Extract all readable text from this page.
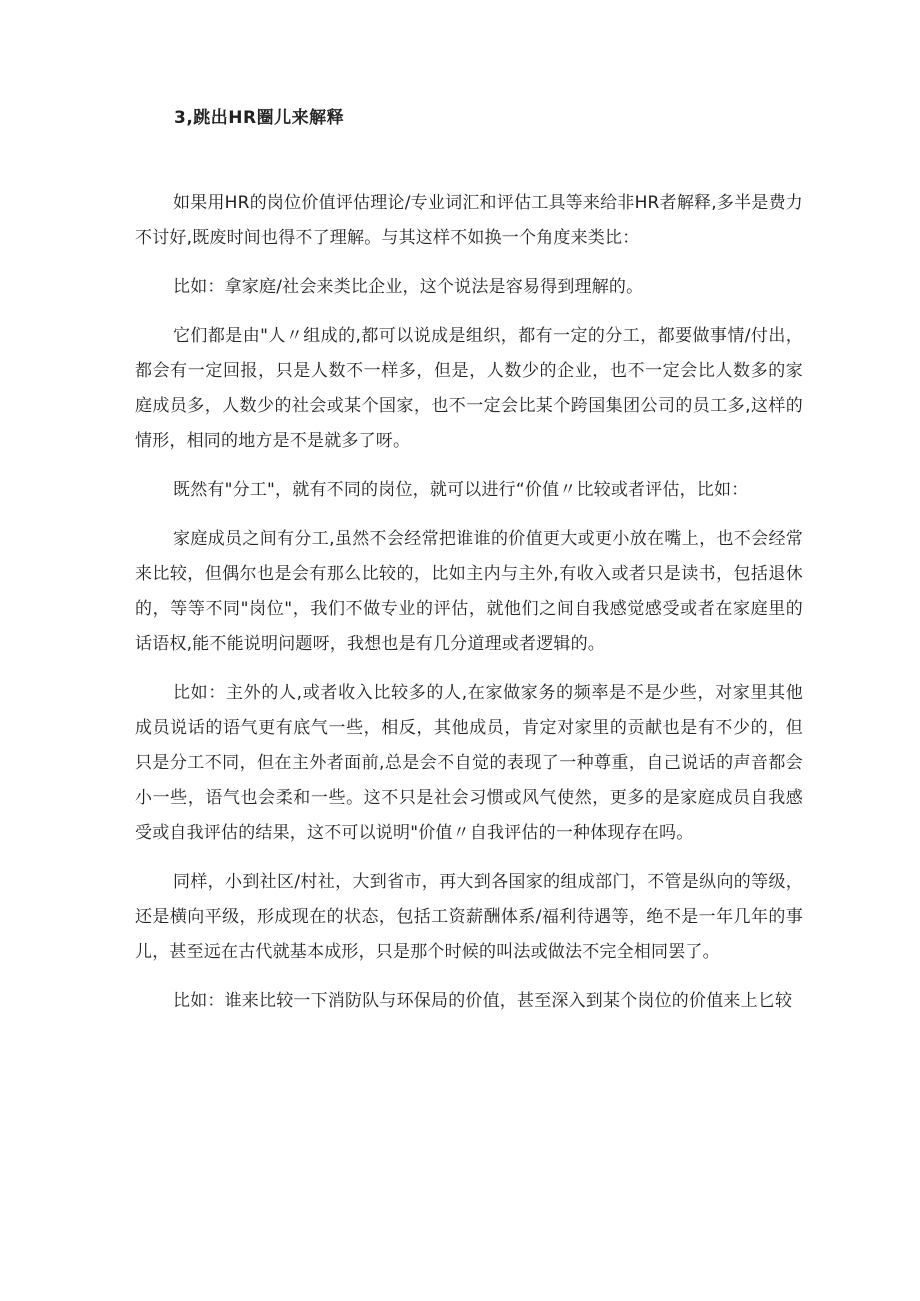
3,跳出HR圈儿来解释

如果用HR的岗位价值评估理论/专业词汇和评估工具等来给非HR者解释,多半是费力不讨好,既废时间也得不了理解。与其这样不如换一个角度来类比：

比如：拿家庭/社会来类比企业，这个说法是容易得到理解的。

它们都是由"人〃组成的,都可以说成是组织，都有一定的分工，都要做事情/付出，都会有一定回报，只是人数不一样多，但是，人数少的企业，也不一定会比人数多的家庭成员多，人数少的社会或某个国家，也不一定会比某个跨国集团公司的员工多,这样的情形，相同的地方是不是就多了呀。

既然有"分工"，就有不同的岗位，就可以进行“价值〃比较或者评估，比如：

家庭成员之间有分工,虽然不会经常把谁谁的价值更大或更小放在嘴上，也不会经常来比较，但偶尔也是会有那么比较的，比如主内与主外,有收入或者只是读书，包括退休的，等等不同"岗位"，我们不做专业的评估，就他们之间自我感觉感受或者在家庭里的话语权,能不能说明问题呀，我想也是有几分道理或者逻辑的。

比如：主外的人,或者收入比较多的人,在家做家务的频率是不是少些，对家里其他成员说话的语气更有底气一些，相反，其他成员，肯定对家里的贡献也是有不少的，但只是分工不同，但在主外者面前,总是会不自觉的表现了一种尊重，自己说话的声音都会小一些，语气也会柔和一些。这不只是社会习惯或风气使然，更多的是家庭成员自我感受或自我评估的结果，这不可以说明"价值〃自我评估的一种体现存在吗。

同样，小到社区/村社，大到省市，再大到各国家的组成部门，不管是纵向的等级，还是横向平级，形成现在的状态，包括工资薪酬体系/福利待遇等，绝不是一年几年的事儿，甚至远在古代就基本成形，只是那个时候的叫法或做法不完全相同罢了。

比如：谁来比较一下消防队与环保局的价值，甚至深入到某个岗位的价值来上匕较
